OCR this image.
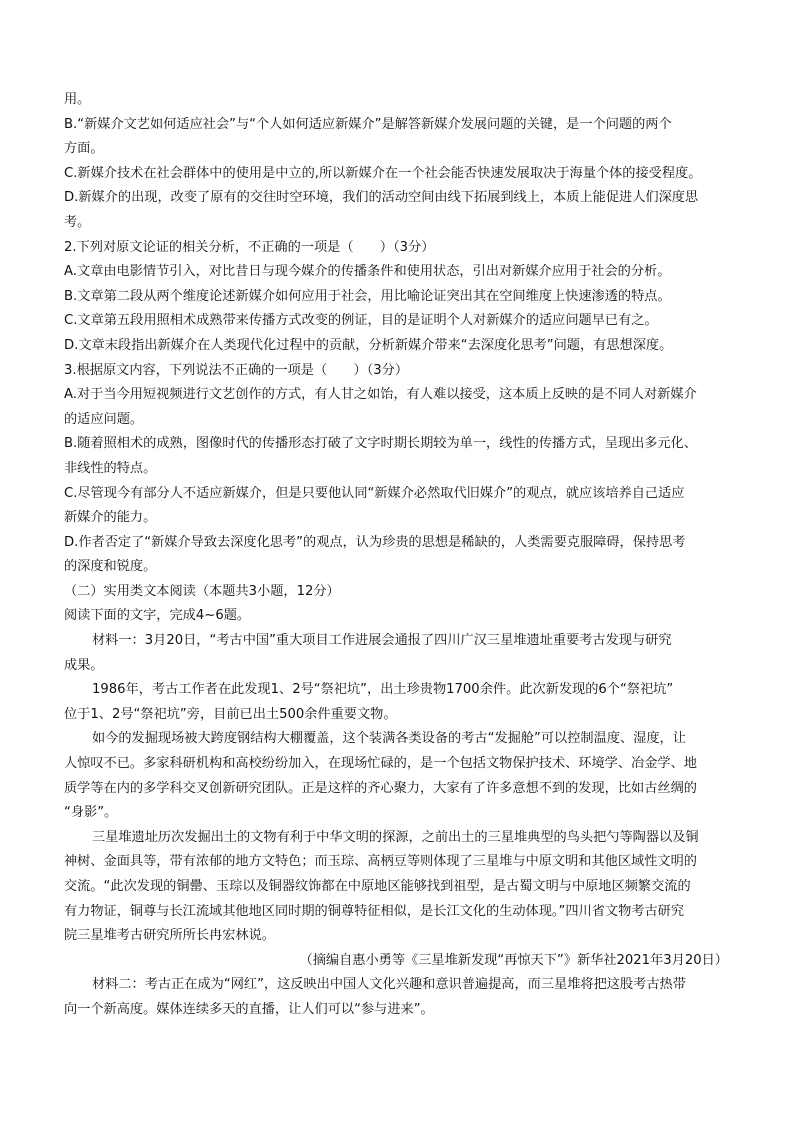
用。
B.“新媒介文艺如何适应社会”与“个人如何适应新媒介”是解答新媒介发展问题的关键，是一个问题的两个
方面。
C.新媒介技术在社会群体中的使用是中立的,所以新媒介在一个社会能否快速发展取决于海量个体的接受程度。
D.新媒介的出现，改变了原有的交往时空环境，我们的活动空间由线下拓展到线上，本质上能促进人们深度思
考。
2.下列对原文论证的相关分析，不正确的一项是（　　）（3分）
A.文章由电影情节引入，对比昔日与现今媒介的传播条件和使用状态，引出对新媒介应用于社会的分析。
B.文章第二段从两个维度论述新媒介如何应用于社会，用比喻论证突出其在空间维度上快速渗透的特点。
C.文章第五段用照相术成熟带来传播方式改变的例证，目的是证明个人对新媒介的适应问题早已有之。
D.文章末段指出新媒介在人类现代化过程中的贡献，分析新媒介带来“去深度化思考”问题，有思想深度。
3.根据原文内容，下列说法不正确的一项是（　　）（3分）
A.对于当今用短视频进行文艺创作的方式，有人甘之如饴，有人难以接受，这本质上反映的是不同人对新媒介
的适应问题。
B.随着照相术的成熟，图像时代的传播形态打破了文字时期长期较为单一，线性的传播方式，呈现出多元化、
非线性的特点。
C.尽管现今有部分人不适应新媒介，但是只要他认同“新媒介必然取代旧媒介”的观点，就应该培养自己适应
新媒介的能力。
D.作者否定了“新媒介导致去深度化思考”的观点，认为珍贵的思想是稀缺的，人类需要克服障碍，保持思考
的深度和锐度。
（二）实用类文本阅读（本题共3小题，12分）
阅读下面的文字，完成4~6题。
材料一：3月20日，“考古中国”重大项目工作进展会通报了四川广汉三星堆遗址重要考古发现与研究
成果。
1986年，考古工作者在此发现1、2号“祭祀坑”，出土珍贵物1700余件。此次新发现的6个“祭祀坑”
位于1、2号“祭祀坑”旁，目前已出土500余件重要文物。
如今的发掘现场被大跨度钢结构大棚覆盖，这个装满各类设备的考古“发掘舱”可以控制温度、湿度，让
人惊叹不已。多家科研机构和高校纷纷加入，在现场忙碌的，是一个包括文物保护技术、环境学、冶金学、地
质学等在内的多学科交叉创新研究团队。正是这样的齐心聚力，大家有了许多意想不到的发现，比如古丝绸的
“身影”。
三星堆遗址历次发掘出土的文物有利于中华文明的探源，之前出土的三星堆典型的鸟头把勺等陶器以及铜
神树、金面具等，带有浓郁的地方文特色；而玉琮、高柄豆等则体现了三星堆与中原文明和其他区域性文明的
交流。“此次发现的铜罍、玉琮以及铜器纹饰都在中原地区能够找到祖型，是古蜀文明与中原地区频繁交流的
有力物证，铜尊与长江流域其他地区同时期的铜尊特征相似，是长江文化的生动体现。”四川省文物考古研究
院三星堆考古研究所所长冉宏林说。
（摘编自惠小勇等《三星堆新发现“再惊天下”》新华社2021年3月20日）
材料二：考古正在成为“网红”，这反映出中国人文化兴趣和意识普遍提高，而三星堆将把这股考古热带
向一个新高度。媒体连续多天的直播，让人们可以“参与进来”。
